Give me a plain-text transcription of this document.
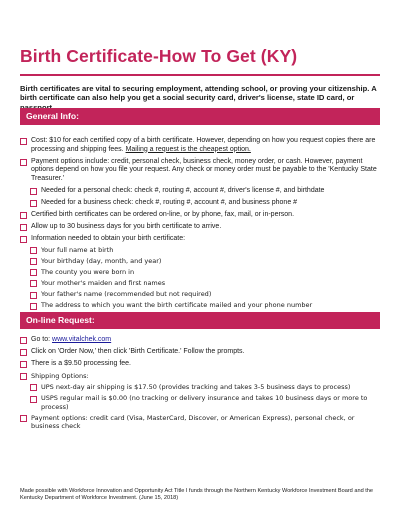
Birth Certificate-How To Get (KY)

Birth certificates are vital to securing employment, attending school, or proving your citizenship. A birth certificate can also help you get a social security card, driver's license, state ID card, or

General Info:
Cost: $10 for each certified copy of a birth certificate. However, depending on how you request copies there are processing and shipping fees. Mailing a request is the cheapest option.
Payment options include: credit, personal check, business check, money order, or cash. However, payment options depend on how you file your request. Any check or money order must be payable to the 'Kentucky State Treasurer.'
Needed for a personal check: check #, routing #, account #, driver's license #, and birthdate
Needed for a business check: check #, routing #, account #, and business phone #
Certified birth certificates can be ordered on-line, or by phone, fax, mail, or in-person.
Allow up to 30 business days for you birth certificate to arrive.
Information needed to obtain your birth certificate:
Your full name at birth
Your birthday (day, month, and year)
The county you were born in
Your mother's maiden and first names
Your father's name (recommended but not required)
The address to which you want the birth certificate mailed and your phone number
On-line Request:
Go to: www.vitalchek.com
Click on 'Order Now,' then click 'Birth Certificate.' Follow the prompts.
There is a $9.50 processing fee.
Shipping Options:
UPS next-day air shipping is $17.50 (provides tracking and takes 3-5 business days to process)
USPS regular mail is $0.00 (no tracking or delivery insurance and takes 10 business days or more to process)
Payment options: credit card (Visa, MasterCard, Discover, or American Express), personal check, or business check

Made possible with Workforce Innovation and Opportunity Act Title I funds through the Northern Kentucky Workforce Investment Board and the Kentucky Department of Workforce Investment. (June 15, 2018)
